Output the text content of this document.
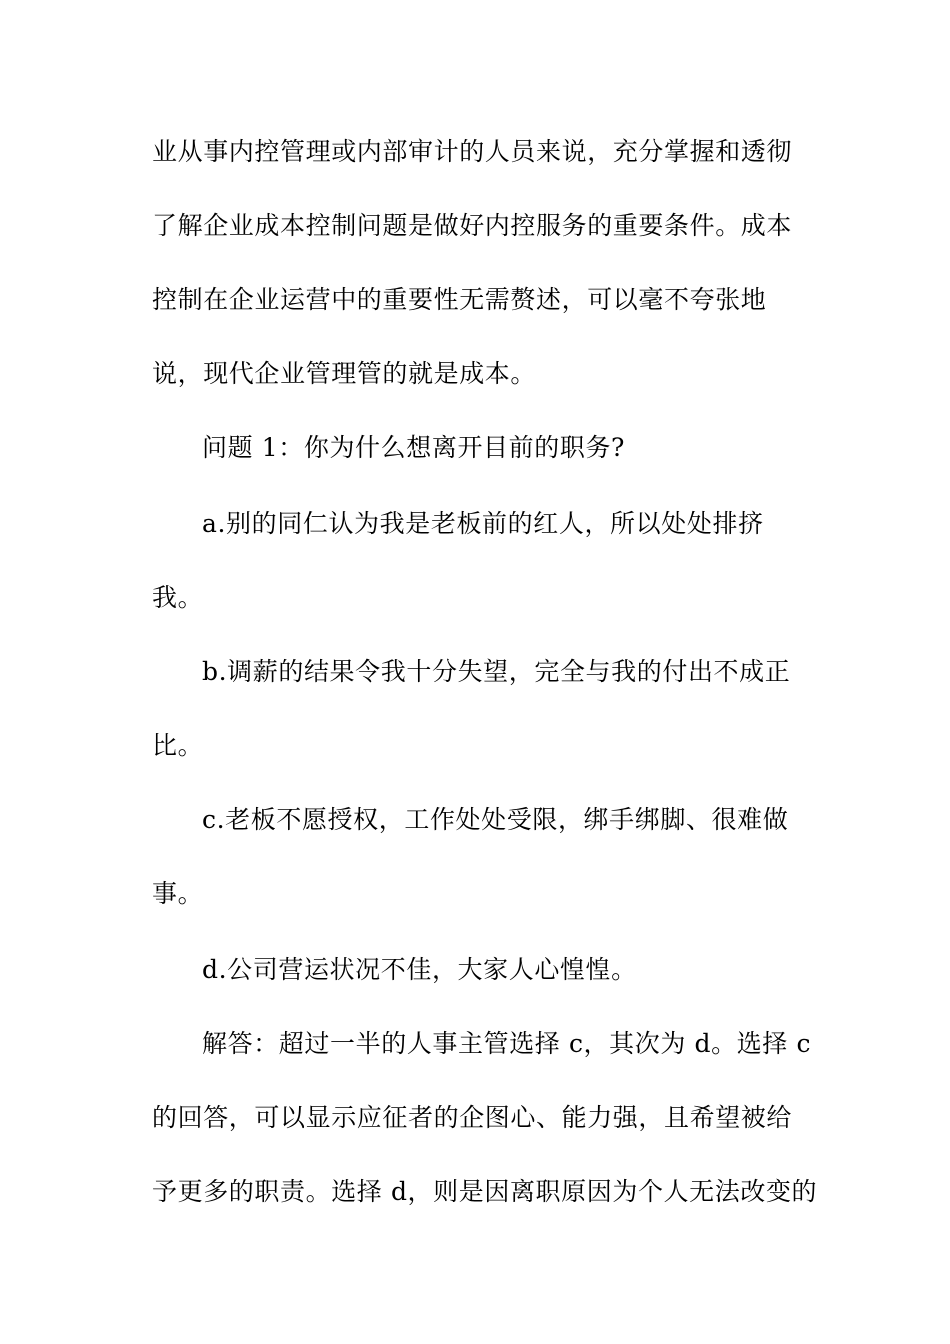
业从事内控管理或内部审计的人员来说，充分掌握和透彻
了解企业成本控制问题是做好内控服务的重要条件。成本
控制在企业运营中的重要性无需赘述，可以毫不夸张地
说，现代企业管理管的就是成本。
问题 1：你为什么想离开目前的职务?
a.别的同仁认为我是老板前的红人，所以处处排挤
我。
b.调薪的结果令我十分失望，完全与我的付出不成正
比。
c.老板不愿授权，工作处处受限，绑手绑脚、很难做
事。
d.公司营运状况不佳，大家人心惶惶。
解答：超过一半的人事主管选择 c，其次为 d。选择 c
的回答，可以显示应征者的企图心、能力强，且希望被给
予更多的职责。选择 d，则是因离职原因为个人无法改变的
